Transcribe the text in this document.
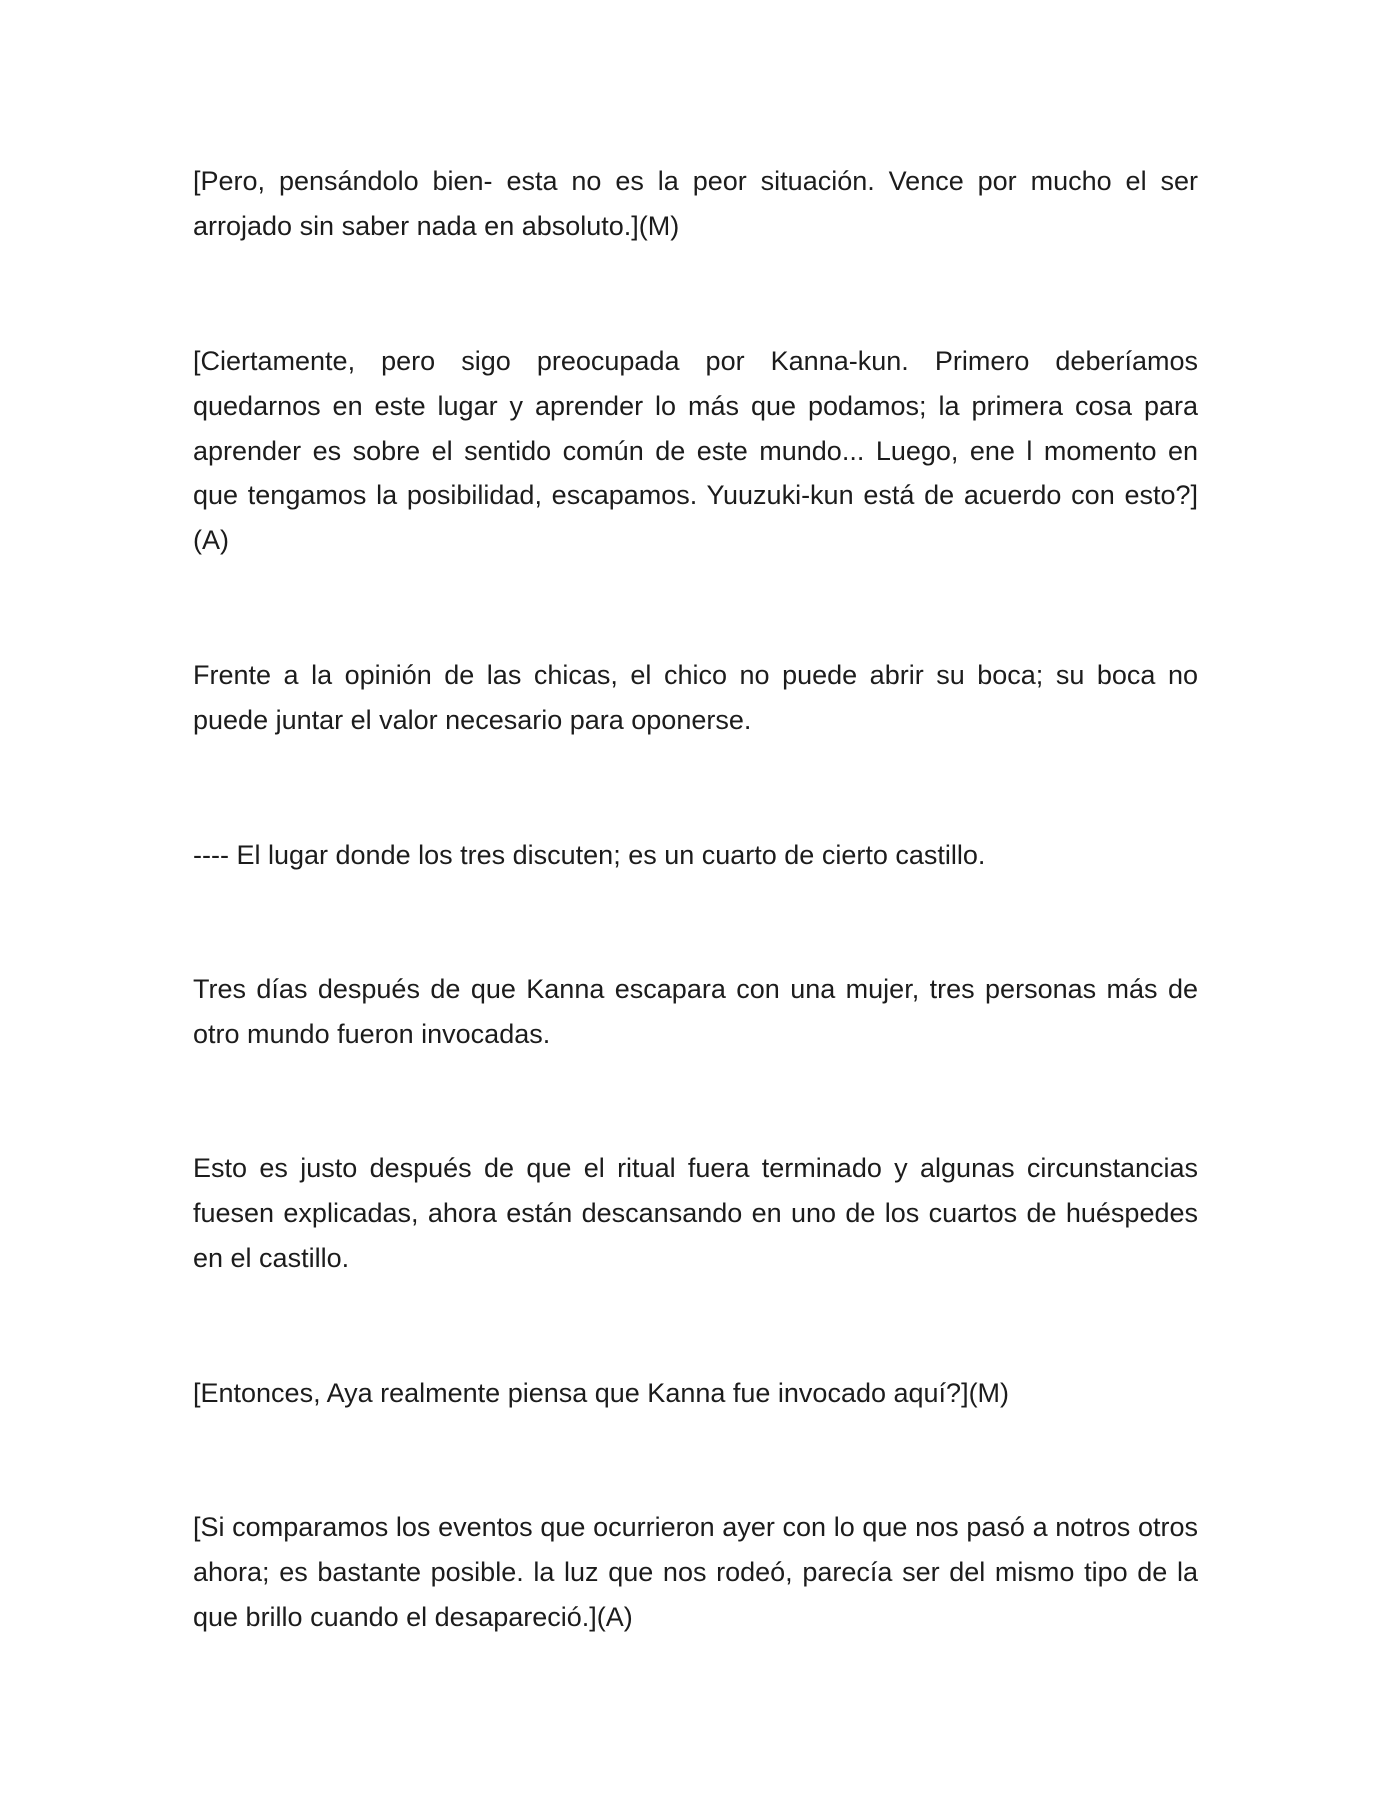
[Pero, pensándolo bien- esta no es la peor situación. Vence por mucho el ser arrojado sin saber nada en absoluto.](M)

[Ciertamente, pero sigo preocupada por Kanna-kun. Primero deberíamos quedarnos en este lugar y aprender lo más que podamos; la primera cosa para aprender es sobre el sentido común de este mundo... Luego, ene l momento en que tengamos la posibilidad, escapamos. Yuuzuki-kun está de acuerdo con esto?](A)

Frente a la opinión de las chicas, el chico no puede abrir su boca; su boca no puede juntar el valor necesario para oponerse.

---- El lugar donde los tres discuten; es un cuarto de cierto castillo.

Tres días después de que Kanna escapara con una mujer, tres personas más de otro mundo fueron invocadas.

Esto es justo después de que el ritual fuera terminado y algunas circunstancias fuesen explicadas, ahora están descansando en uno de los cuartos de huéspedes en el castillo.

[Entonces, Aya realmente piensa que Kanna fue invocado aquí?](M)

[Si comparamos los eventos que ocurrieron ayer con lo que nos pasó a notros otros ahora; es bastante posible. la luz que nos rodeó, parecía ser del mismo tipo de la que brillo cuando el desapareció.](A)
